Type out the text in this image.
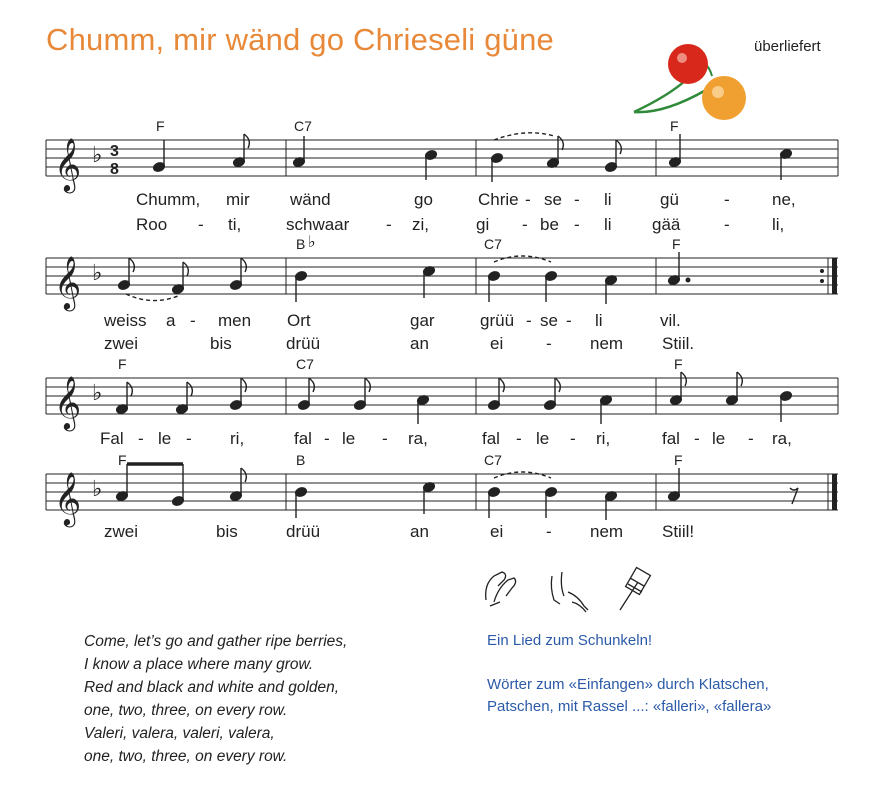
Chumm, mir wänd go Chrieseli güne	überliefert
𝄞 ♭ 3
8
F	C7	F
Chumm, mir wänd	go	Chrie - se - li	gü	- ne,
Roo - ti,	schwaar - zi,	gi - be - li gää	- li,
𝄞 ♭
B ♭	C7	F
weiss a - men Ort	gar	grüü - se - li	vil.
zwei	bis	drüü	an	ei	- nem Stiil.
𝄞 ♭
F	C7	F
Fal - le - ri,	fal - le - ra,	fal - le - ri,	fal - le - ra,
𝄞 ♭
F	B	C7	F
zwei	bis	drüü	an	ei	- nem Stiil!
Come, let’s go and gather ripe berries,
I know a place where many grow.
Red and black and white and golden,
one, two, three, on every row.
Valeri, valera, valeri, valera,
one, two, three, on every row.
Ein Lied zum Schunkeln!
Wörter zum «Einfangen» durch Klatschen,
Patschen, mit Rassel ...: «falleri», «fallera»
